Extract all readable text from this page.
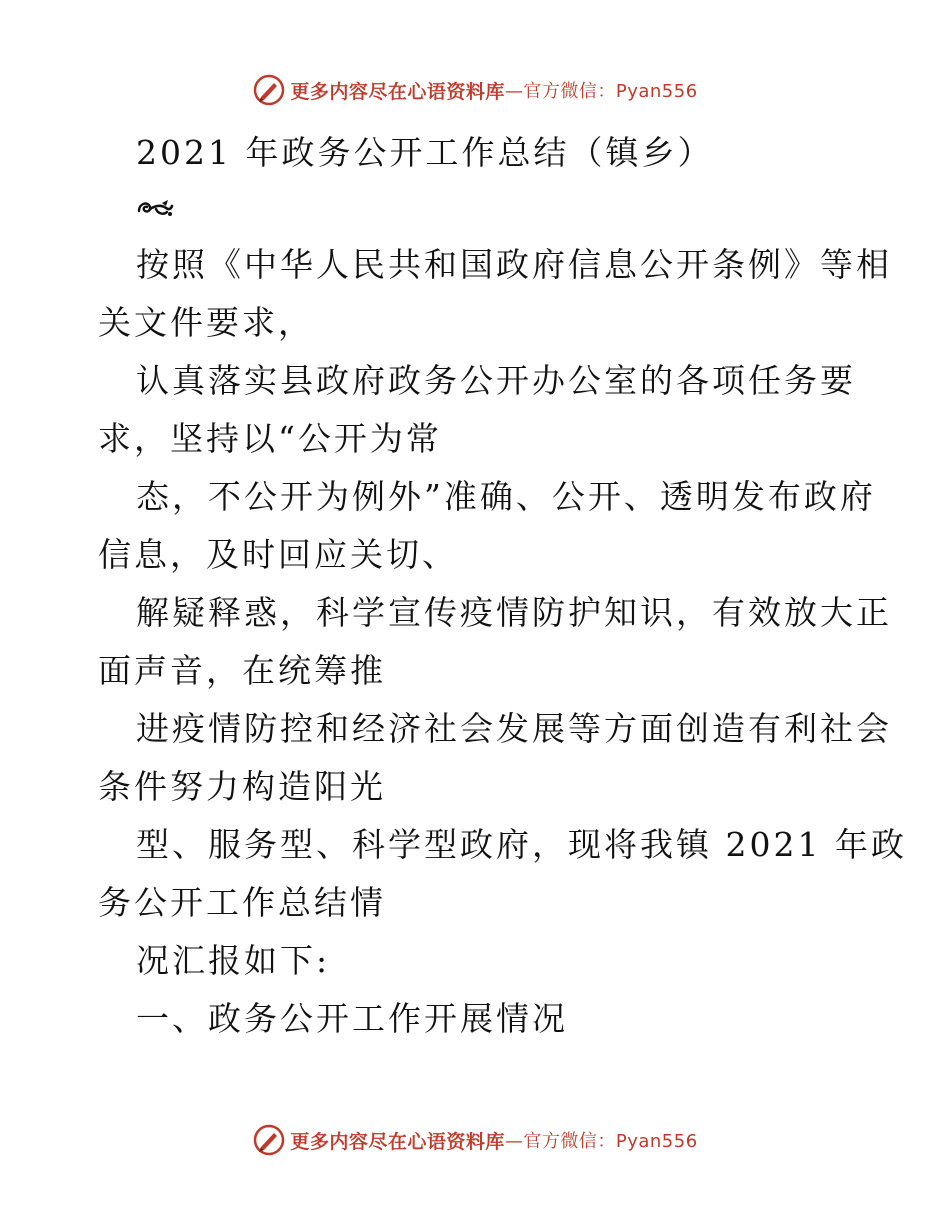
更多内容尽在心语资料库 —官方微信：Pyan556
2021 年政务公开工作总结（镇乡）
按照《中华人民共和国政府信息公开条例》等相
关文件要求，
认真落实县政府政务公开办公室的各项任务要
求，坚持以“公开为常
态，不公开为例外”准确、公开、透明发布政府
信息，及时回应关切、
解疑释惑，科学宣传疫情防护知识，有效放大正
面声音，在统筹推
进疫情防控和经济社会发展等方面创造有利社会
条件努力构造阳光
型、服务型、科学型政府，现将我镇 2021 年政
务公开工作总结情
况汇报如下:
一、政务公开工作开展情况
更多内容尽在心语资料库 —官方微信：Pyan556
